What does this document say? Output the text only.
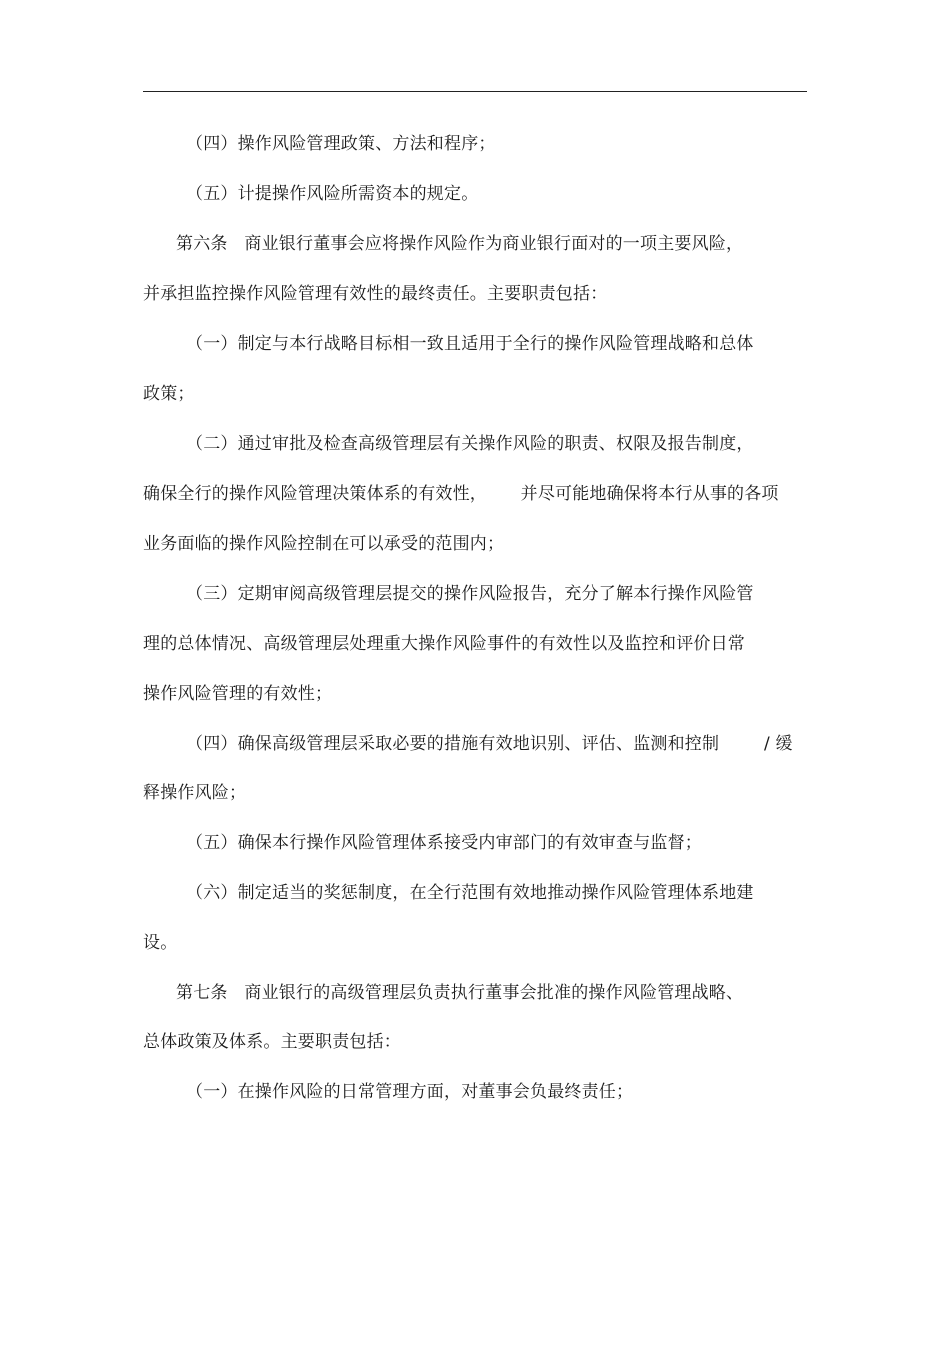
（四）操作风险管理政策、方法和程序；
（五）计提操作风险所需资本的规定。
第六条   商业银行董事会应将操作风险作为商业银行面对的一项主要风险，
并承担监控操作风险管理有效性的最终责任。主要职责包括：
（一）制定与本行战略目标相一致且适用于全行的操作风险管理战略和总体
政策；
（二）通过审批及检查高级管理层有关操作风险的职责、权限及报告制度，
确保全行的操作风险管理决策体系的有效性，      并尽可能地确保将本行从事的各项
业务面临的操作风险控制在可以承受的范围内；
（三）定期审阅高级管理层提交的操作风险报告，充分了解本行操作风险管
理的总体情况、高级管理层处理重大操作风险事件的有效性以及监控和评价日常
操作风险管理的有效性；
（四）确保高级管理层采取必要的措施有效地识别、评估、监测和控制        / 缓
释操作风险；
（五）确保本行操作风险管理体系接受内审部门的有效审查与监督；
（六）制定适当的奖惩制度，在全行范围有效地推动操作风险管理体系地建
设。
第七条   商业银行的高级管理层负责执行董事会批准的操作风险管理战略、
总体政策及体系。主要职责包括：
（一）在操作风险的日常管理方面，对董事会负最终责任；
